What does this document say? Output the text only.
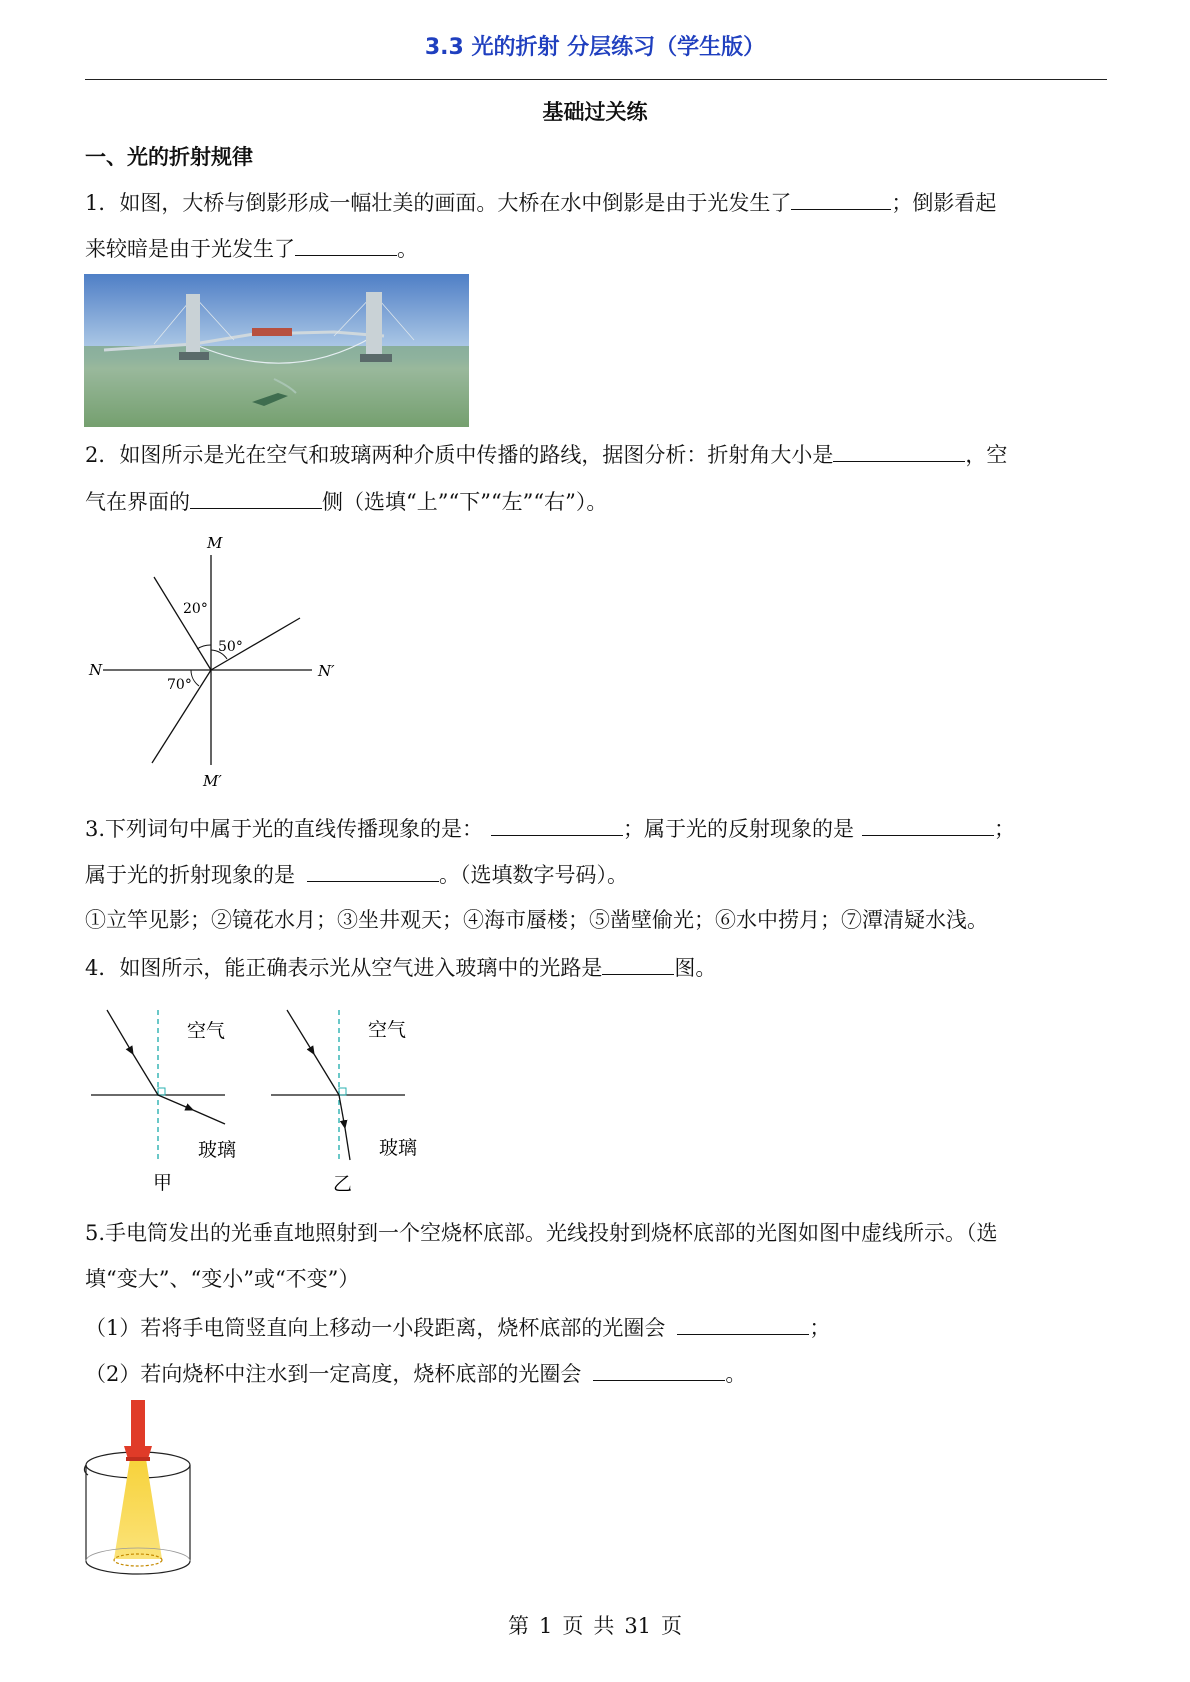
3.3 光的折射 分层练习（学生版）
基础过关练
一、光的折射规律
1．如图，大桥与倒影形成一幅壮美的画面。大桥在水中倒影是由于光发生了	；倒影看起
来较暗是由于光发生了	。
2．如图所示是光在空气和玻璃两种介质中传播的路线，据图分析：折射角大小是	，空
气在界面的	侧（选填“上”“下”“左”“右”）。
M
M′
N	N′
20°
50°
70°
3.下列词句中属于光的直线传播现象的是：	；属于光的反射现象的是	；
属于光的折射现象的是	。（选填数字号码）。
①立竿见影；②镜花水月；③坐井观天；④海市蜃楼；⑤凿壁偷光；⑥水中捞月；⑦潭清疑水浅。
4．如图所示，能正确表示光从空气进入玻璃中的光路是	图。
空气
玻璃
甲
空气
玻璃
乙
5.手电筒发出的光垂直地照射到一个空烧杯底部。光线投射到烧杯底部的光图如图中虚线所示。（选
填“变大”、“变小”或“不变”）
（1）若将手电筒竖直向上移动一小段距离，烧杯底部的光圈会	；
（2）若向烧杯中注水到一定高度，烧杯底部的光圈会	。
第 1 页 共 31 页
